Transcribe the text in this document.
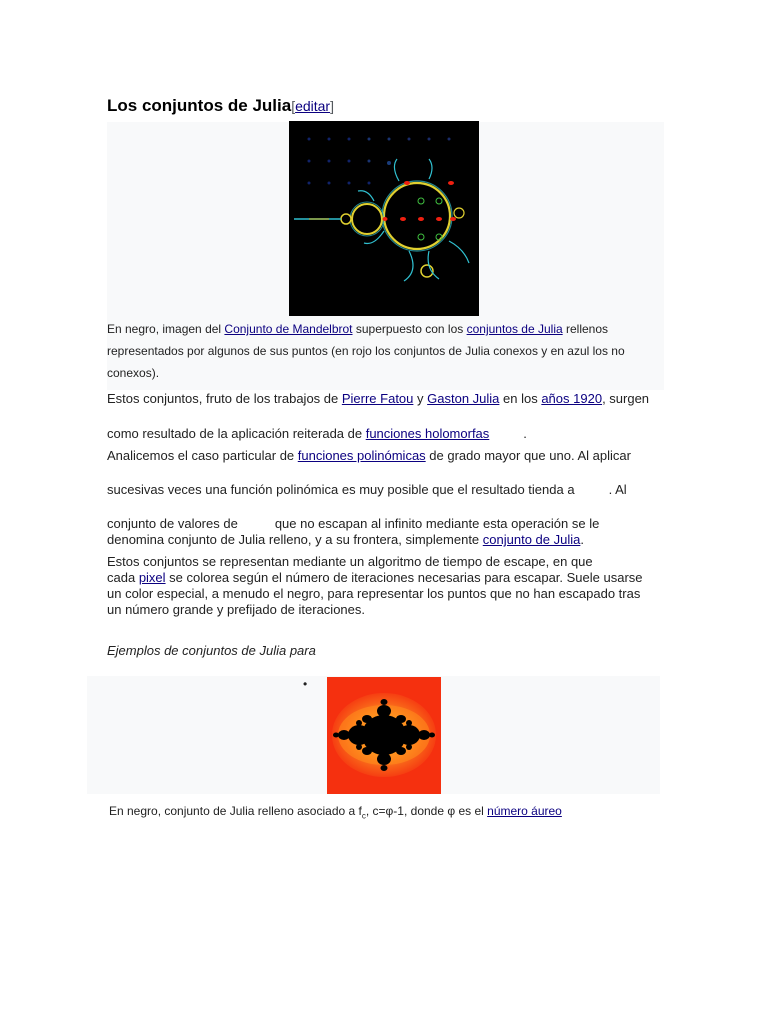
Los conjuntos de Julia[editar]
En negro, imagen del Conjunto de Mandelbrot superpuesto con los conjuntos de Julia rellenos representados por algunos de sus puntos (en rojo los conjuntos de Julia conexos y en azul los no conexos).
Estos conjuntos, fruto de los trabajos de Pierre Fatou y Gaston Julia en los años 1920, surgen
como resultado de la aplicación reiterada de funciones holomorfas	.
Analicemos el caso particular de funciones polinómicas de grado mayor que uno. Al aplicar
sucesivas veces una función polinómica es muy posible que el resultado tienda a	. Al
conjunto de valores de	que no escapan al infinito mediante esta operación se le
denomina conjunto de Julia relleno, y a su frontera, simplemente conjunto de Julia.
Estos conjuntos se representan mediante un algoritmo de tiempo de escape, en que
cada pixel se colorea según el número de iteraciones necesarias para escapar. Suele usarse
un color especial, a menudo el negro, para representar los puntos que no han escapado tras
un número grande y prefijado de iteraciones.
Ejemplos de conjuntos de Julia para
•
En negro, conjunto de Julia relleno asociado a $f_c$, c=φ-1, donde φ es el número áureo
